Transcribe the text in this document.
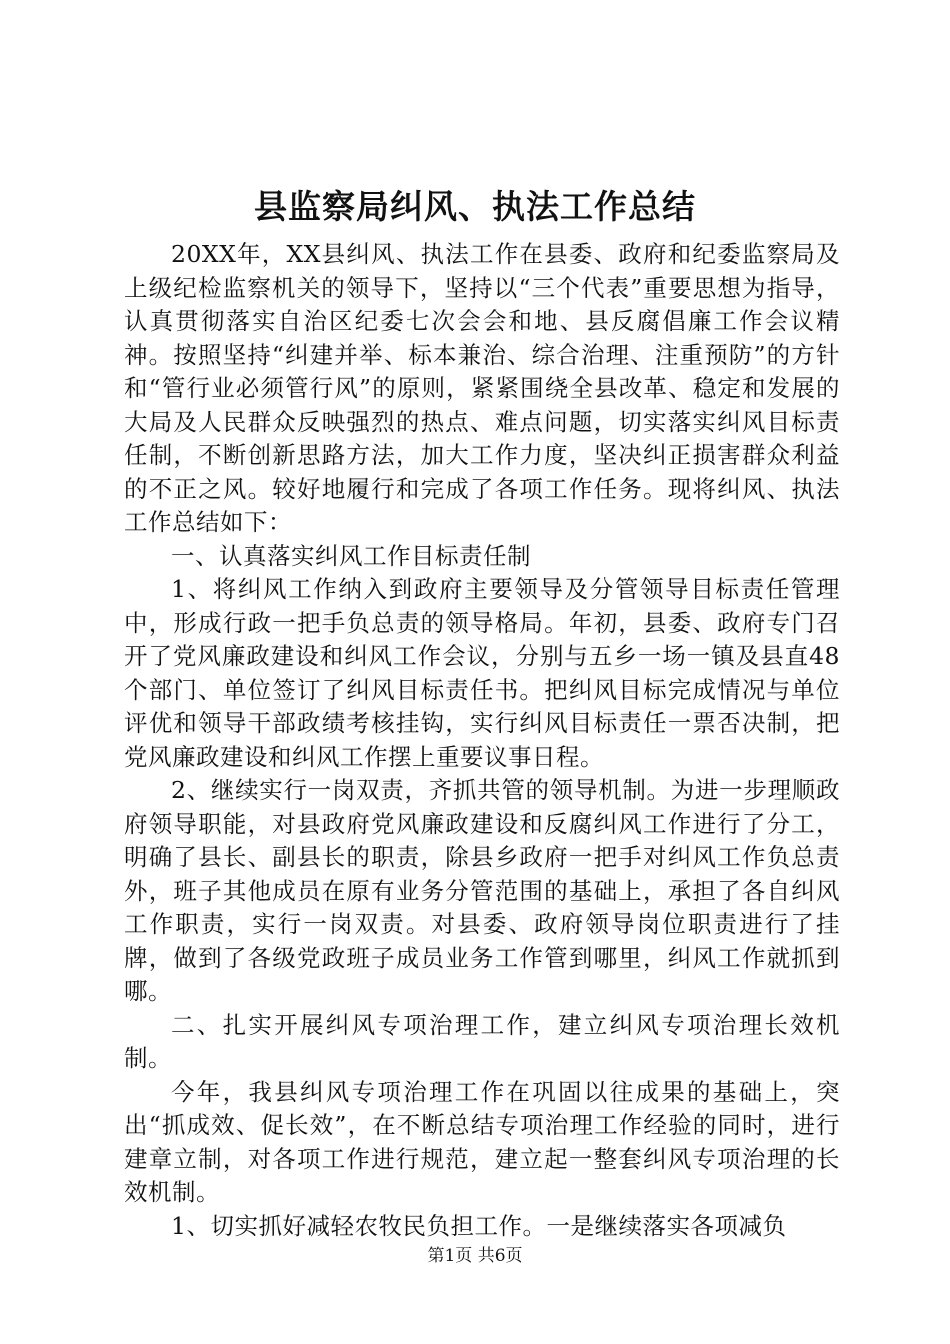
县监察局纠风、执法工作总结

20XX年，XX县纠风、执法工作在县委、政府和纪委监察局及上级纪检监察机关的领导下，坚持以“三个代表”重要思想为指导，认真贯彻落实自治区纪委七次会会和地、县反腐倡廉工作会议精神。按照坚持“纠建并举、标本兼治、综合治理、注重预防”的方针和“管行业必须管行风”的原则，紧紧围绕全县改革、稳定和发展的大局及人民群众反映强烈的热点、难点问题，切实落实纠风目标责任制，不断创新思路方法，加大工作力度，坚决纠正损害群众利益的不正之风。较好地履行和完成了各项工作任务。现将纠风、执法工作总结如下：

一、认真落实纠风工作目标责任制

1、将纠风工作纳入到政府主要领导及分管领导目标责任管理中，形成行政一把手负总责的领导格局。年初，县委、政府专门召开了党风廉政建设和纠风工作会议，分别与五乡一场一镇及县直48个部门、单位签订了纠风目标责任书。把纠风目标完成情况与单位评优和领导干部政绩考核挂钩，实行纠风目标责任一票否决制，把党风廉政建设和纠风工作摆上重要议事日程。

2、继续实行一岗双责，齐抓共管的领导机制。为进一步理顺政府领导职能，对县政府党风廉政建设和反腐纠风工作进行了分工，明确了县长、副县长的职责，除县乡政府一把手对纠风工作负总责外，班子其他成员在原有业务分管范围的基础上，承担了各自纠风工作职责，实行一岗双责。对县委、政府领导岗位职责进行了挂牌，做到了各级党政班子成员业务工作管到哪里，纠风工作就抓到哪。

二、扎实开展纠风专项治理工作，建立纠风专项治理长效机制。

今年，我县纠风专项治理工作在巩固以往成果的基础上，突出“抓成效、促长效”，在不断总结专项治理工作经验的同时，进行建章立制，对各项工作进行规范，建立起一整套纠风专项治理的长效机制。

1、切实抓好减轻农牧民负担工作。一是继续落实各项减负

第1页 共6页
